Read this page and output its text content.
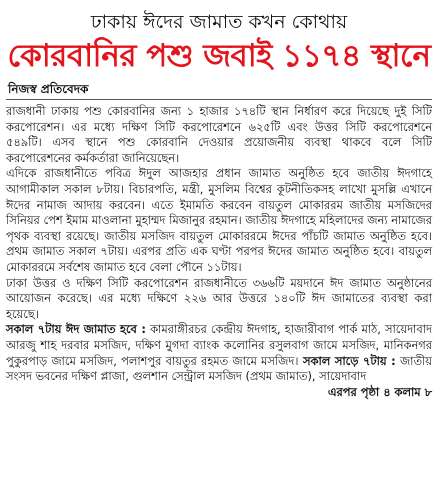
ঢাকায় ঈদের জামাত কখন কোথায়
কোরবানির পশু জবাই ১১৭৪ স্থানে
নিজস্ব প্রতিবেদক

রাজধানী ঢাকায় পশু কোরবানির জন্য ১ হাজার ১৭৪টি স্থান নির্ধারণ করে দিয়েছে দুই সিটি করপোরেশন। এর মধ্যে দক্ষিণ সিটি করপোরেশনে ৬২৫টি এবং উত্তর সিটি করপোরেশনে ৫৪৯টি। এসব স্থানে পশু কোরবানি দেওয়ার প্রয়োজনীয় ব্যবস্থা থাকবে বলে সিটি করপোরেশনের কর্মকর্তারা জানিয়েছেন।

এদিকে রাজধানীতে পবিত্র ঈদুল আজহার প্রধান জামাত অনুষ্ঠিত হবে জাতীয় ঈদগাহে আগামীকাল সকাল ৮টায়। বিচারপতি, মন্ত্রী, মুসলিম বিশ্বের কূটনীতিকসহ লাখো মুসল্লি এখানে ঈদের নামাজ আদায় করবেন। এতে ইমামতি করবেন বায়তুল মোকাররম জাতীয় মসজিদের সিনিয়র পেশ ইমাম মাওলানা মুহাম্মদ মিজানুর রহমান। জাতীয় ঈদগাহে মহিলাদের জন্য নামাজের পৃথক ব্যবস্থা রয়েছে। জাতীয় মসজিদ বায়তুল মোকাররমে ঈদের পাঁচটি জামাত অনুষ্ঠিত হবে। প্রথম জামাত সকাল ৭টায়। এরপর প্রতি এক ঘণ্টা পরপর ঈদের জামাত অনুষ্ঠিত হবে। বায়তুল মোকাররমে সর্বশেষ জামাত হবে বেলা পৌনে ১১টায়।

ঢাকা উত্তর ও দক্ষিণ সিটি করপোরেশন রাজধানীতে ৩৬৬টি ময়দানে ঈদ জামাত অনুষ্ঠানের আয়োজন করেছে। এর মধ্যে দক্ষিণে ২২৬ আর উত্তরে ১৪০টি ঈদ জামাতের ব্যবস্থা করা হয়েছে।

সকাল ৭টায় ঈদ জামাত হবে : কামরাঙ্গীরচর কেন্দ্রীয় ঈদগাহ, হাজারীবাগ পার্ক মাঠ, সায়েদাবাদ আরজু শাহ দরবার মসজিদ, দক্ষিণ মুগদা ব্যাংক কলোনির রসুলবাগ জামে মসজিদ, মানিকনগর পুকুরপাড় জামে মসজিদ, পলাশপুর বায়তুর রহমত জামে মসজিদ। সকাল সাড়ে ৭টায় : জাতীয় সংসদ ভবনের দক্ষিণ প্লাজা, গুলশান সেন্ট্রাল মসজিদ (প্রথম জামাত), সায়েদাবাদ
এরপর পৃষ্ঠা ৪ কলাম ৮
